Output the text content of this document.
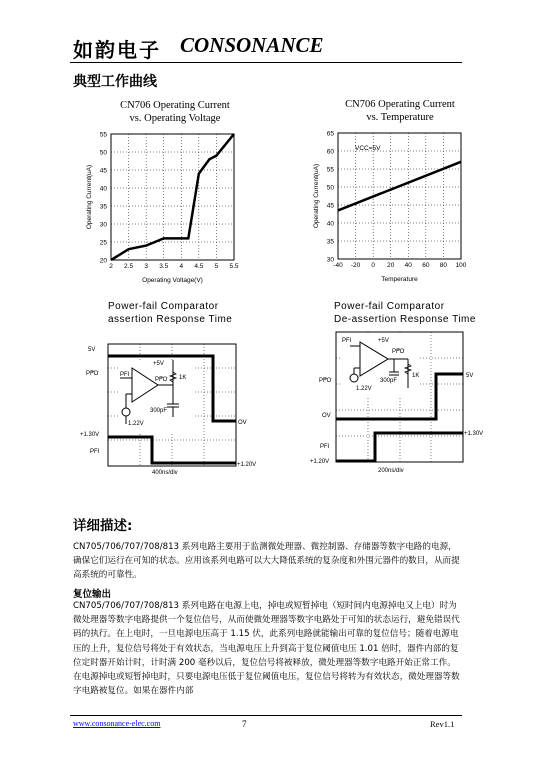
如韵电子 CONSONANCE
典型工作曲线
CN706 Operating Current
vs. Operating Voltage
CN706 Operating Current
vs. Temperature
2 2.5 3 3.5 4 4.5 5 5.5
20
25
30
35
40
45
50
55
Operating Voltage(V)
Operating Current(uA)
-40 -20 0 20 40 60 80 100
30
35
40
45
50
55
60
65
Temperature
Operating Current(uA)
VCC=5V
Power-fail Comparator
assertion Response Time
5V
PFO	PFI
+5V
PFO 1K
300pF
1.22V	OV
+1.30V
PFI
+1.20V
400ns/div
Power-fail Comparator
De-assertion Response Time
PFI	+5V
PFO
300pF
1K
1.22V
PFO
5V
OV
+1.30V
PFI
+1.20V
200ns/div
详细描述:
CN705/706/707/708/813 系列电路主要用于监测微处理器、微控制器、存储器等数字电路的电源，确保它们运行在可知的状态。应用该系列电路可以大大降低系统的复杂度和外围元器件的数目，从而提高系统的可靠性。
复位输出
CN705/706/707/708/813 系列电路在电源上电，掉电或短暂掉电（短时间内电源掉电又上电）时为微处理器等数字电路提供一个复位信号，从而使微处理器等数字电路处于可知的状态运行，避免错误代码的执行。在上电时，一旦电源电压高于 1.15 伏，此系列电路就能输出可靠的复位信号；随着电源电压的上升，复位信号将处于有效状态，当电源电压上升到高于复位阈值电压 1.01 倍时，器件内部的复位定时器开始计时，计时满 200 毫秒以后，复位信号将被释放，微处理器等数字电路开始正常工作。在电源掉电或短暂掉电时，只要电源电压低于复位阈值电压，复位信号将转为有效状态，微处理器等数字电路被复位。如果在器件内部
www.consonance-elec.com	7	Rev1.1
